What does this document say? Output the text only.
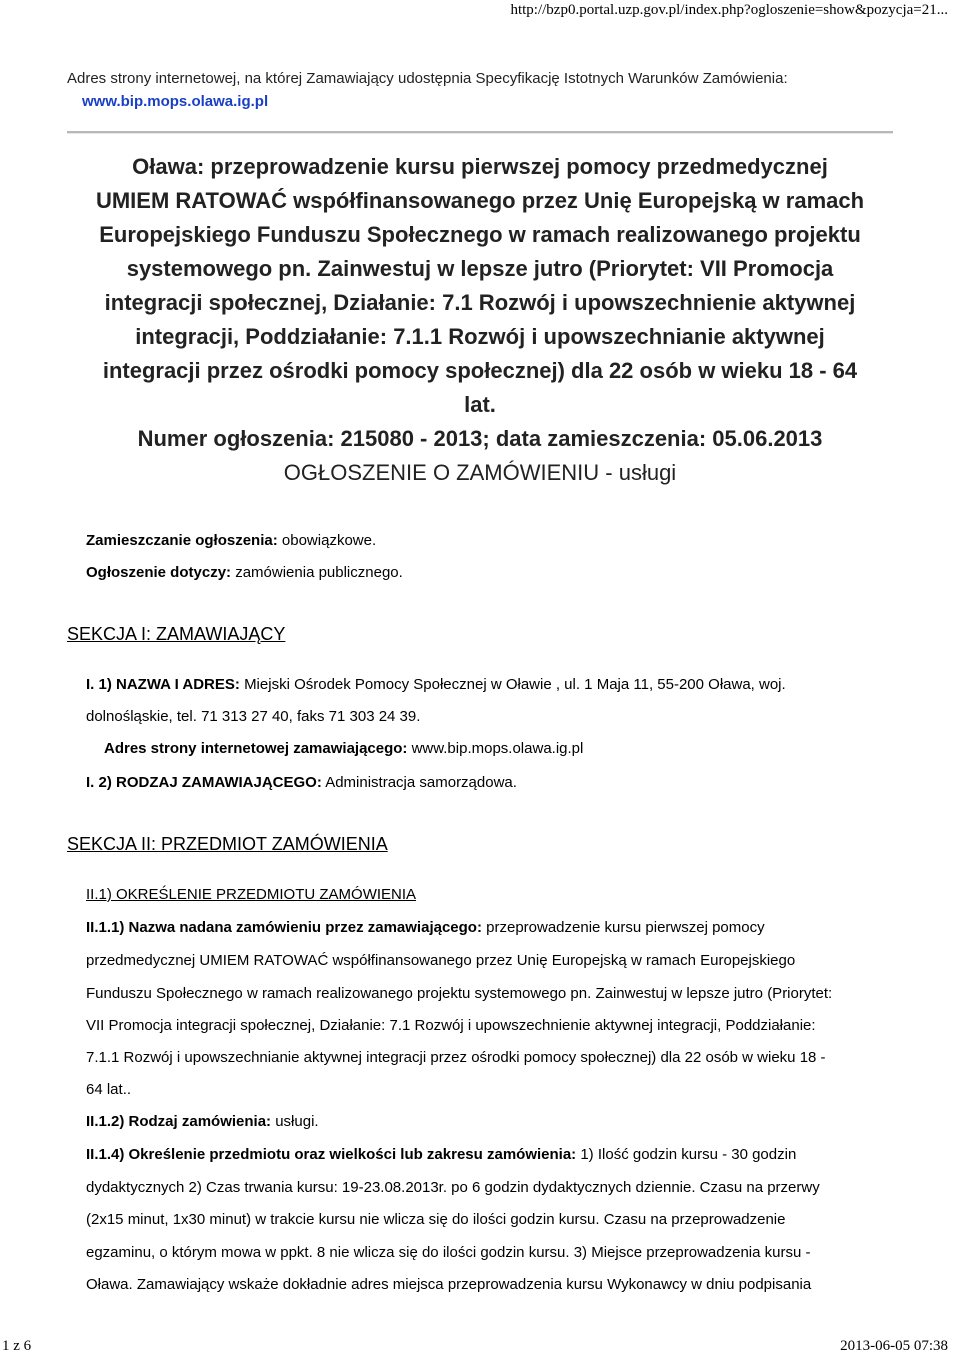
http://bzp0.portal.uzp.gov.pl/index.php?ogloszenie=show&pozycja=21...
Adres strony internetowej, na której Zamawiający udostępnia Specyfikację Istotnych Warunków Zamówienia:
www.bip.mops.olawa.ig.pl
Oława: przeprowadzenie kursu pierwszej pomocy przedmedycznej
UMIEM RATOWAĆ współfinansowanego przez Unię Europejską w ramach
Europejskiego Funduszu Społecznego w ramach realizowanego projektu
systemowego pn. Zainwestuj w lepsze jutro (Priorytet: VII Promocja
integracji społecznej, Działanie: 7.1 Rozwój i upowszechnienie aktywnej
integracji, Poddziałanie: 7.1.1 Rozwój i upowszechnianie aktywnej
integracji przez ośrodki pomocy społecznej) dla 22 osób w wieku 18 - 64
lat.
Numer ogłoszenia: 215080 - 2013; data zamieszczenia: 05.06.2013
OGŁOSZENIE O ZAMÓWIENIU - usługi
Zamieszczanie ogłoszenia: obowiązkowe.
Ogłoszenie dotyczy: zamówienia publicznego.
SEKCJA I: ZAMAWIAJĄCY
I. 1) NAZWA I ADRES: Miejski Ośrodek Pomocy Społecznej w Oławie , ul. 1 Maja 11, 55-200 Oława, woj.
dolnośląskie, tel. 71 313 27 40, faks 71 303 24 39.
Adres strony internetowej zamawiającego: www.bip.mops.olawa.ig.pl
I. 2) RODZAJ ZAMAWIAJĄCEGO: Administracja samorządowa.
SEKCJA II: PRZEDMIOT ZAMÓWIENIA
II.1) OKREŚLENIE PRZEDMIOTU ZAMÓWIENIA
II.1.1) Nazwa nadana zamówieniu przez zamawiającego: przeprowadzenie kursu pierwszej pomocy
przedmedycznej UMIEM RATOWAĆ współfinansowanego przez Unię Europejską w ramach Europejskiego
Funduszu Społecznego w ramach realizowanego projektu systemowego pn. Zainwestuj w lepsze jutro (Priorytet:
VII Promocja integracji społecznej, Działanie: 7.1 Rozwój i upowszechnienie aktywnej integracji, Poddziałanie:
7.1.1 Rozwój i upowszechnianie aktywnej integracji przez ośrodki pomocy społecznej) dla 22 osób w wieku 18 -
64 lat..
II.1.2) Rodzaj zamówienia: usługi.
II.1.4) Określenie przedmiotu oraz wielkości lub zakresu zamówienia: 1) Ilość godzin kursu - 30 godzin
dydaktycznych 2) Czas trwania kursu: 19-23.08.2013r. po 6 godzin dydaktycznych dziennie. Czasu na przerwy
(2x15 minut, 1x30 minut) w trakcie kursu nie wlicza się do ilości godzin kursu. Czasu na przeprowadzenie
egzaminu, o którym mowa w ppkt. 8 nie wlicza się do ilości godzin kursu. 3) Miejsce przeprowadzenia kursu -
Oława. Zamawiający wskaże dokładnie adres miejsca przeprowadzenia kursu Wykonawcy w dniu podpisania
1 z 6	2013-06-05 07:38
